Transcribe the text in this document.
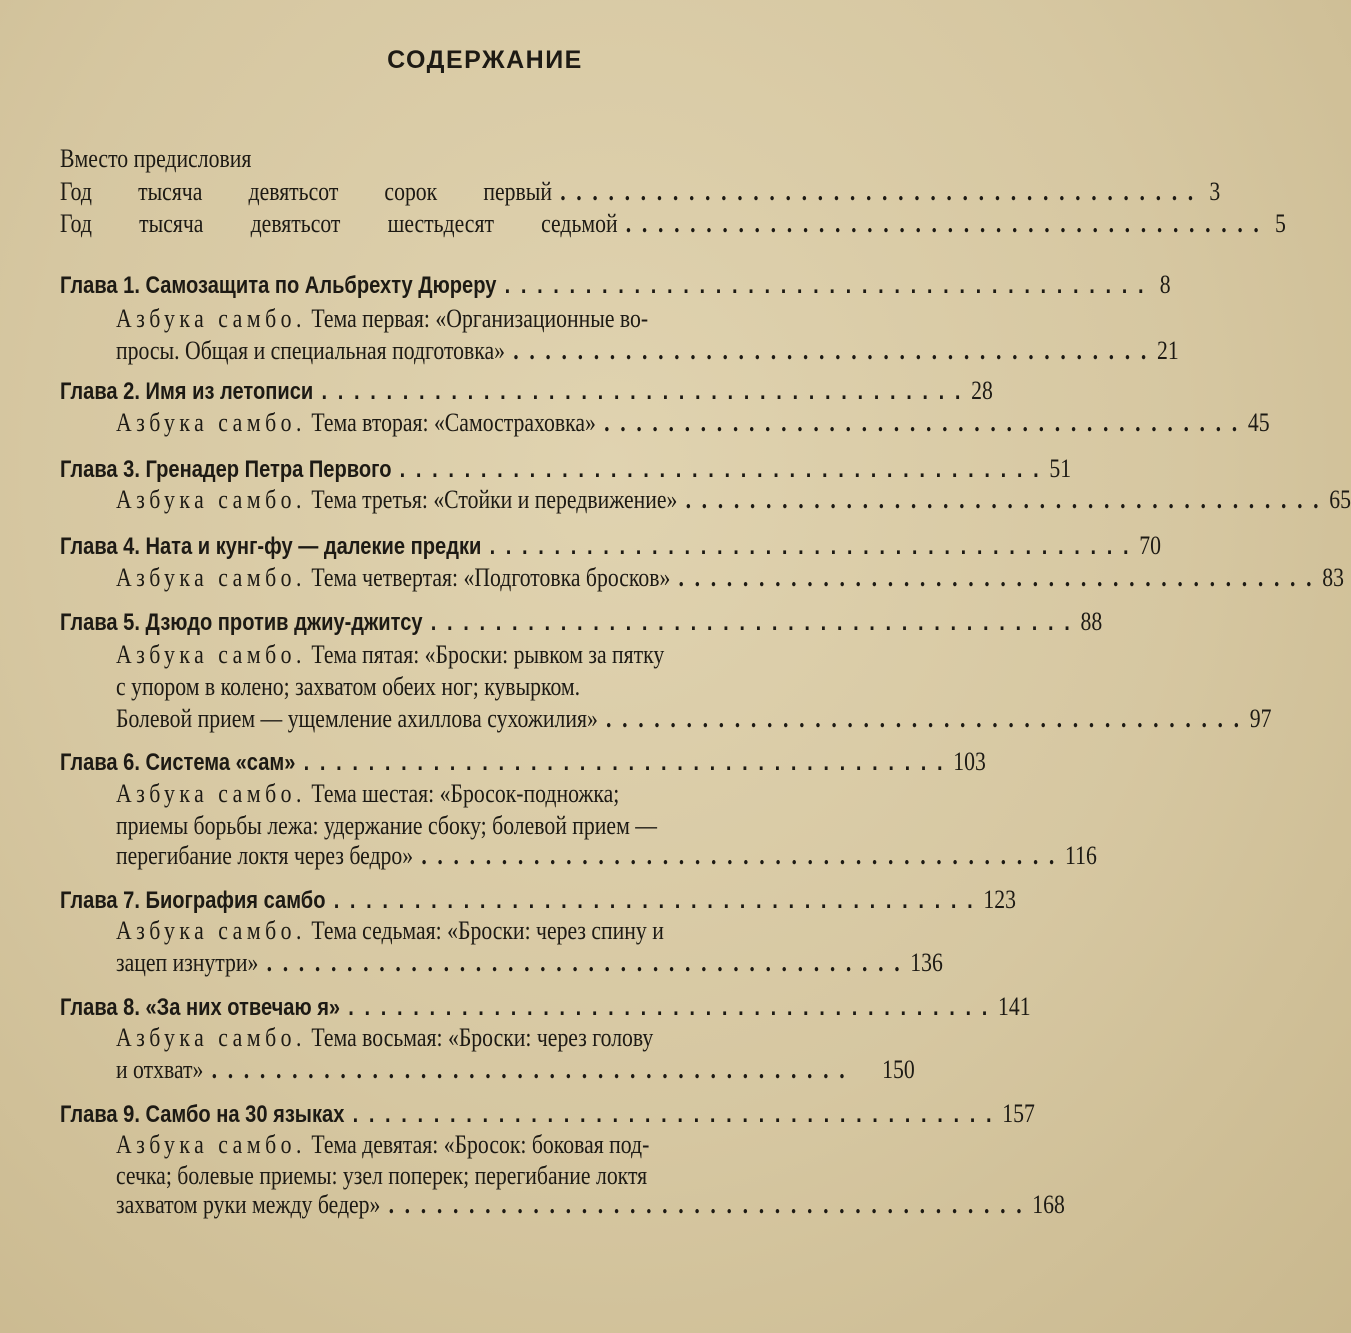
СОДЕРЖАНИЕ
Вместо предисловия
Год тысяча девятьсот сорок первый ........................................ 3
Год тысяча девятьсот шестьдесят седьмой ........................................ 5
Глава 1. Самозащита по Альбрехту Дюреру ........................................ 8
Азбука самбо.
Тема первая: «Организационные во-
просы. Общая и специальная подготовка» ........................................ 21
Глава 2. Имя из летописи ........................................ 28
Азбука самбо. Тема вторая: «Самостраховка» ........................................ 45
Глава 3. Гренадер Петра Первого ........................................ 51
Азбука самбо. Тема третья: «Стойки и передвижение» ........................................ 65
Глава 4. Ната и кунг-фу — далекие предки ........................................ 70
Азбука самбо. Тема четвертая: «Подготовка бросков» ........................................ 83
Глава 5. Дзюдо против джиу-джитсу ........................................ 88
Азбука самбо.
Тема пятая: «Броски: рывком за пятку
с упором в колено; захватом обеих ног; кувырком.
Болевой прием — ущемление ахиллова сухожилия» ........................................ 97
Глава 6. Система «сам» ........................................ 103
Азбука самбо.
Тема шестая: «Бросок-подножка;
приемы борьбы лежа: удержание сбоку; болевой прием —
перегибание локтя через бедро» ........................................ 116
Глава 7. Биография самбо ........................................ 123
Азбука самбо.
Тема седьмая: «Броски: через спину и
зацеп изнутри» ........................................ 136
Глава 8. «За них отвечаю я» ........................................ 141
Азбука самбо.
Тема восьмая: «Броски: через голову
и отхват» ........................................	150
Глава 9. Самбо на 30 языках ........................................ 157
Азбука самбо.
Тема девятая: «Бросок: боковая под-
сечка; болевые приемы: узел поперек; перегибание локтя
захватом руки между бедер» ........................................ 168
